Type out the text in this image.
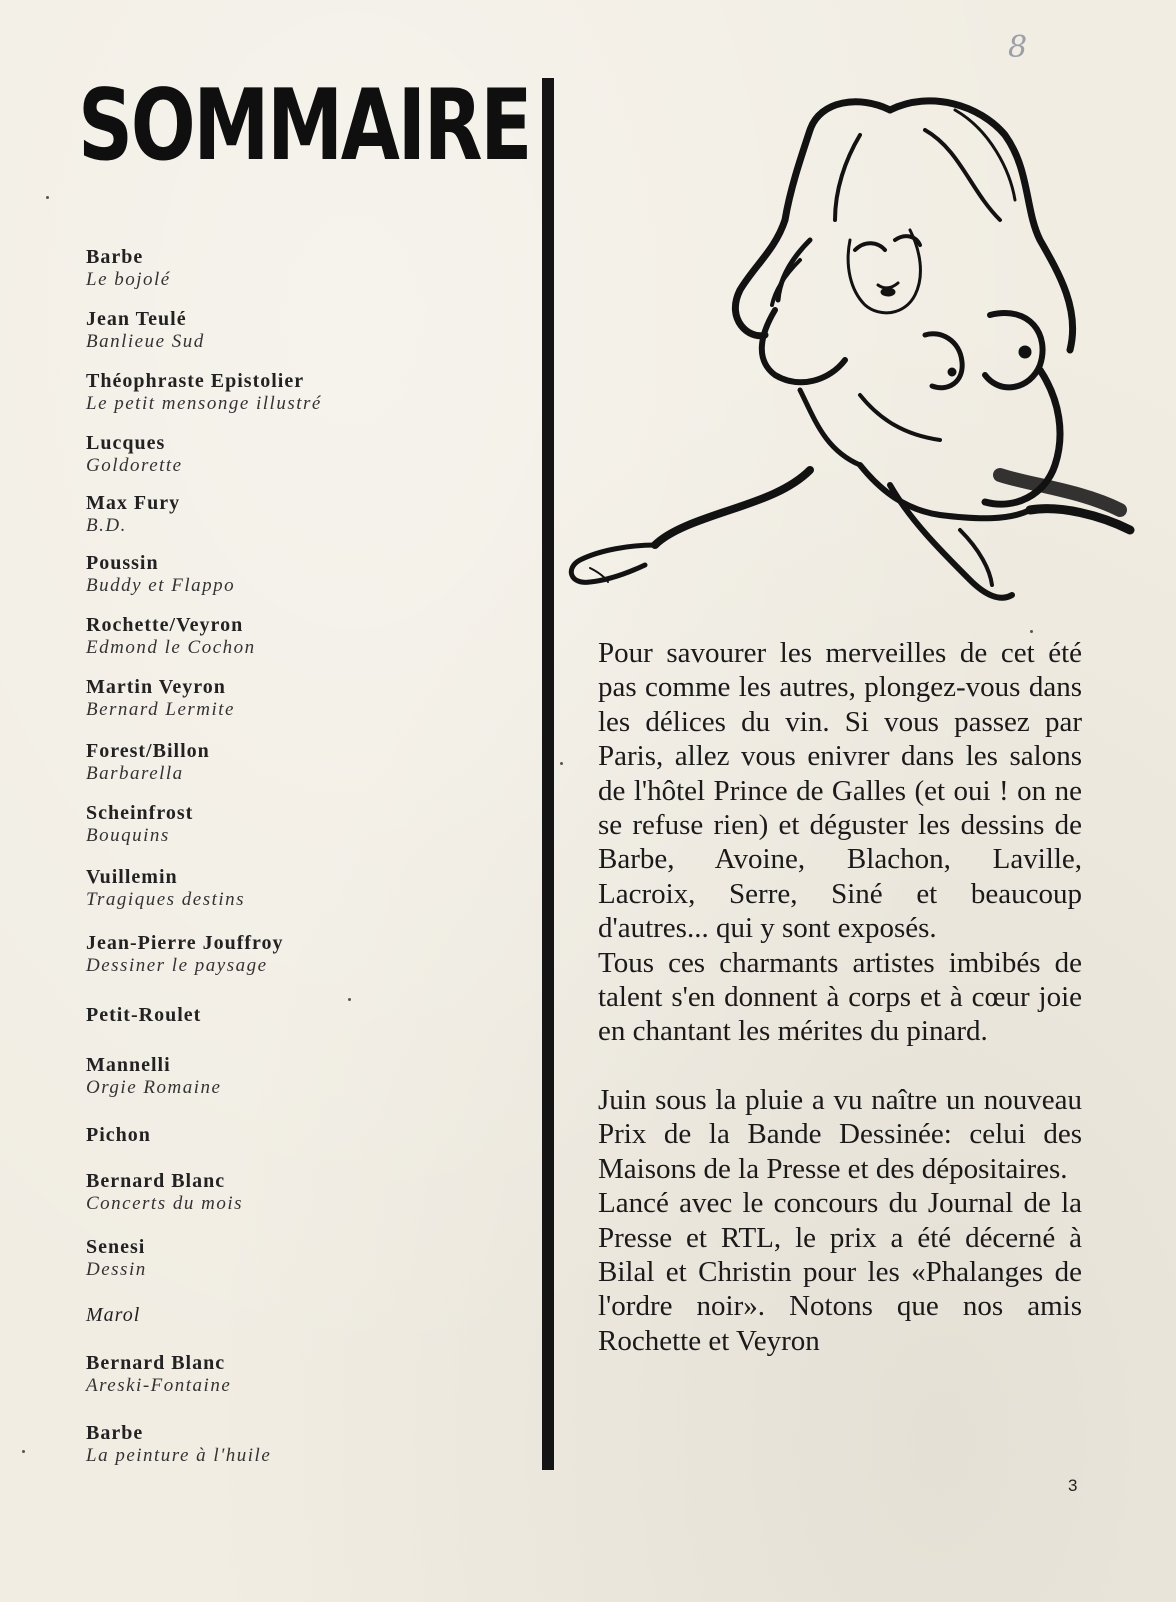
8
SOMMAIRE
Barbe
Le bojolé
Jean Teulé
Banlieue Sud
Théophraste Epistolier
Le petit mensonge illustré
Lucques
Goldorette
Max Fury
B.D.
Poussin
Buddy et Flappo
Rochette/Veyron
Edmond le Cochon
Martin Veyron
Bernard Lermite
Forest/Billon
Barbarella
Scheinfrost
Bouquins
Vuillemin
Tragiques destins
Jean-Pierre Jouffroy
Dessiner le paysage
Petit-Roulet
Mannelli
Orgie Romaine
Pichon
Bernard Blanc
Concerts du mois
Senesi
Dessin
Marol
Bernard Blanc
Areski-Fontaine
Barbe
La peinture à l'huile

Pour savourer les merveilles de cet été pas comme les autres, plongez-vous dans les délices du vin. Si vous passez par Paris, allez vous enivrer dans les salons de l'hôtel Prince de Galles (et oui ! on ne se refuse rien) et déguster les dessins de Barbe, Avoine, Blachon, Laville, Lacroix, Serre, Siné et beaucoup d'autres... qui y sont exposés.

Tous ces charmants artistes imbibés de talent s'en donnent à corps et à cœur joie en chantant les mérites du pinard.

Juin sous la pluie a vu naître un nouveau Prix de la Bande Dessinée: celui des Maisons de la Presse et des dépositaires.

Lancé avec le concours du Journal de la Presse et RTL, le prix a été décerné à Bilal et Christin pour les «Phalanges de l'ordre noir». Notons que nos amis Rochette et Veyron

3
